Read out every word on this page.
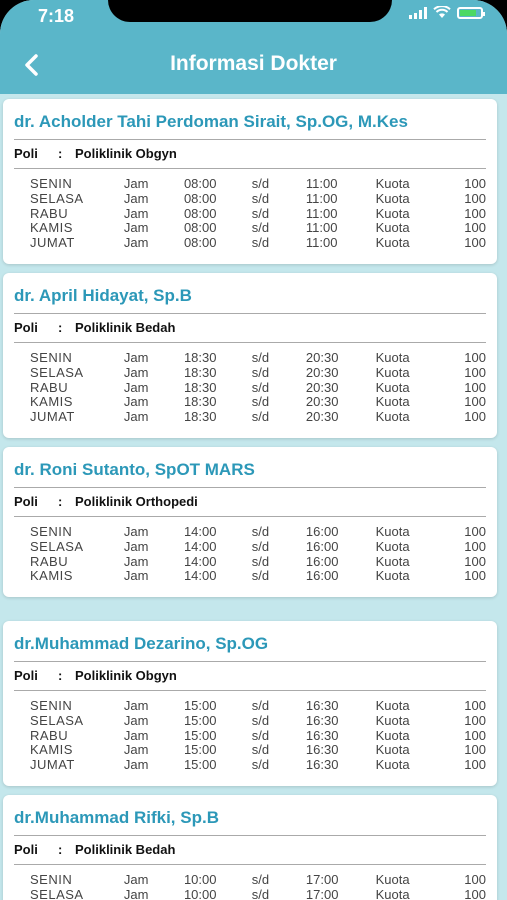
7:18
Informasi Dokter
dr. Acholder Tahi Perdoman Sirait, Sp.OG, M.Kes
Poli	: Poliklinik Obgyn
SENIN	Jam	08:00	s/d	11:00	Kuota	100
SELASA	Jam	08:00	s/d	11:00	Kuota	100
RABU	Jam	08:00	s/d	11:00	Kuota	100
KAMIS	Jam	08:00	s/d	11:00	Kuota	100
JUMAT	Jam	08:00	s/d	11:00	Kuota	100
dr. April Hidayat, Sp.B
Poli	: Poliklinik Bedah
SENIN	Jam	18:30	s/d	20:30	Kuota	100
SELASA	Jam	18:30	s/d	20:30	Kuota	100
RABU	Jam	18:30	s/d	20:30	Kuota	100
KAMIS	Jam	18:30	s/d	20:30	Kuota	100
JUMAT	Jam	18:30	s/d	20:30	Kuota	100
dr. Roni Sutanto, SpOT MARS
Poli	: Poliklinik Orthopedi
SENIN	Jam	14:00	s/d	16:00	Kuota	100
SELASA	Jam	14:00	s/d	16:00	Kuota	100
RABU	Jam	14:00	s/d	16:00	Kuota	100
KAMIS	Jam	14:00	s/d	16:00	Kuota	100
dr.Muhammad Dezarino, Sp.OG
Poli	: Poliklinik Obgyn
SENIN	Jam	15:00	s/d	16:30	Kuota	100
SELASA	Jam	15:00	s/d	16:30	Kuota	100
RABU	Jam	15:00	s/d	16:30	Kuota	100
KAMIS	Jam	15:00	s/d	16:30	Kuota	100
JUMAT	Jam	15:00	s/d	16:30	Kuota	100
dr.Muhammad Rifki, Sp.B
Poli	: Poliklinik Bedah
SENIN	Jam	10:00	s/d	17:00	Kuota	100
SELASA	Jam	10:00	s/d	17:00	Kuota	100
